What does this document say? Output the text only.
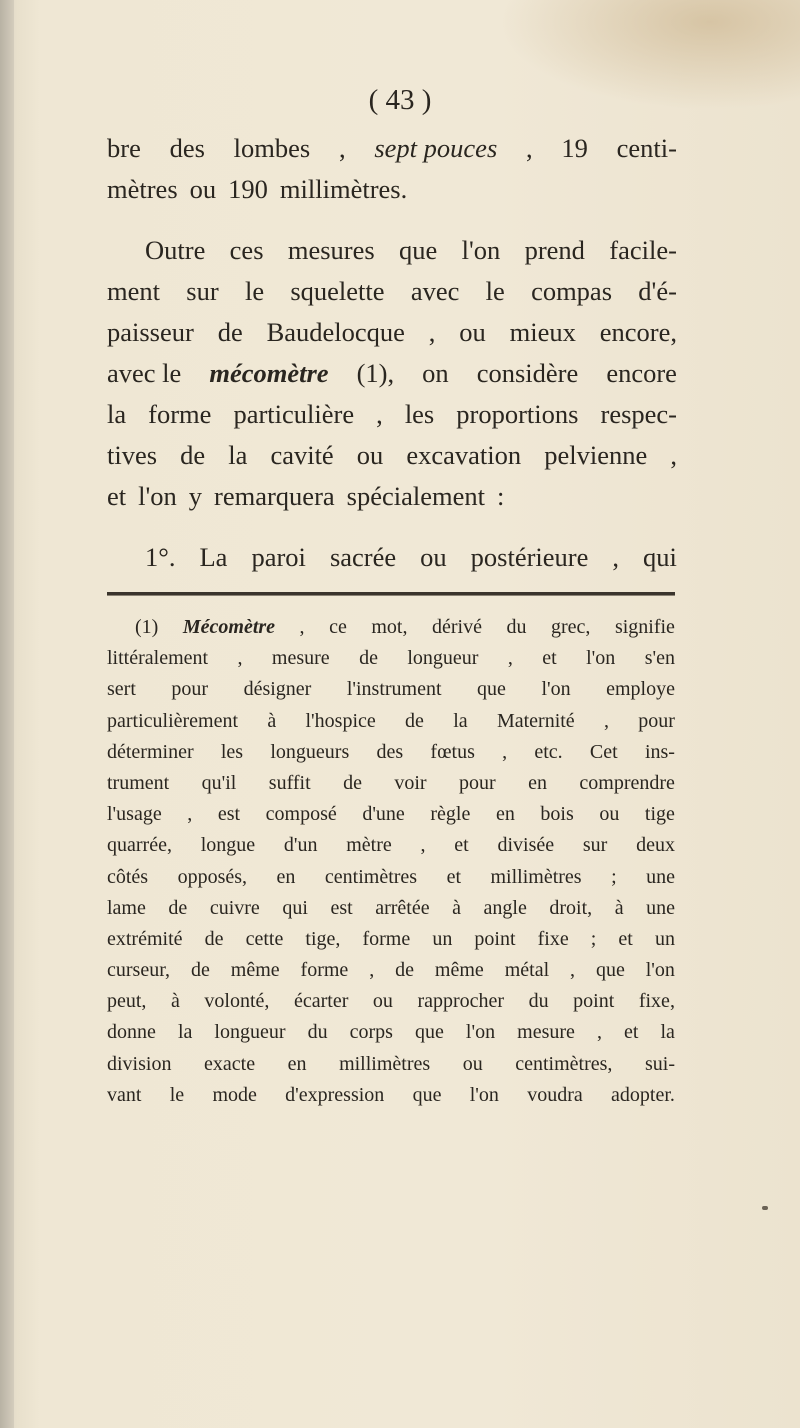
( 43 )
bre des lombes , sept pouces , 19 centi-
mètres ou 190 millimètres.
Outre ces mesures que l'on prend facile-
ment sur le squelette avec le compas d'é-
paisseur de Baudelocque , ou mieux encore,
avec le mécomètre (1), on considère encore
la forme particulière , les proportions respec-
tives de la cavité ou excavation pelvienne ,
et l'on y remarquera spécialement :
1°. La paroi sacrée ou postérieure , qui
(1) Mécomètre , ce mot, dérivé du grec, signifie
littéralement , mesure de longueur , et l'on s'en
sert pour désigner l'instrument que l'on employe
particulièrement à l'hospice de la Maternité , pour
déterminer les longueurs des fœtus , etc. Cet ins-
trument qu'il suffit de voir pour en comprendre
l'usage , est composé d'une règle en bois ou tige
quarrée, longue d'un mètre , et divisée sur deux
côtés opposés, en centimètres et millimètres ; une
lame de cuivre qui est arrêtée à angle droit, à une
extrémité de cette tige, forme un point fixe ; et un
curseur, de même forme , de même métal , que l'on
peut, à volonté, écarter ou rapprocher du point fixe,
donne la longueur du corps que l'on mesure , et la
division exacte en millimètres ou centimètres, sui-
vant le mode d'expression que l'on voudra adopter.
